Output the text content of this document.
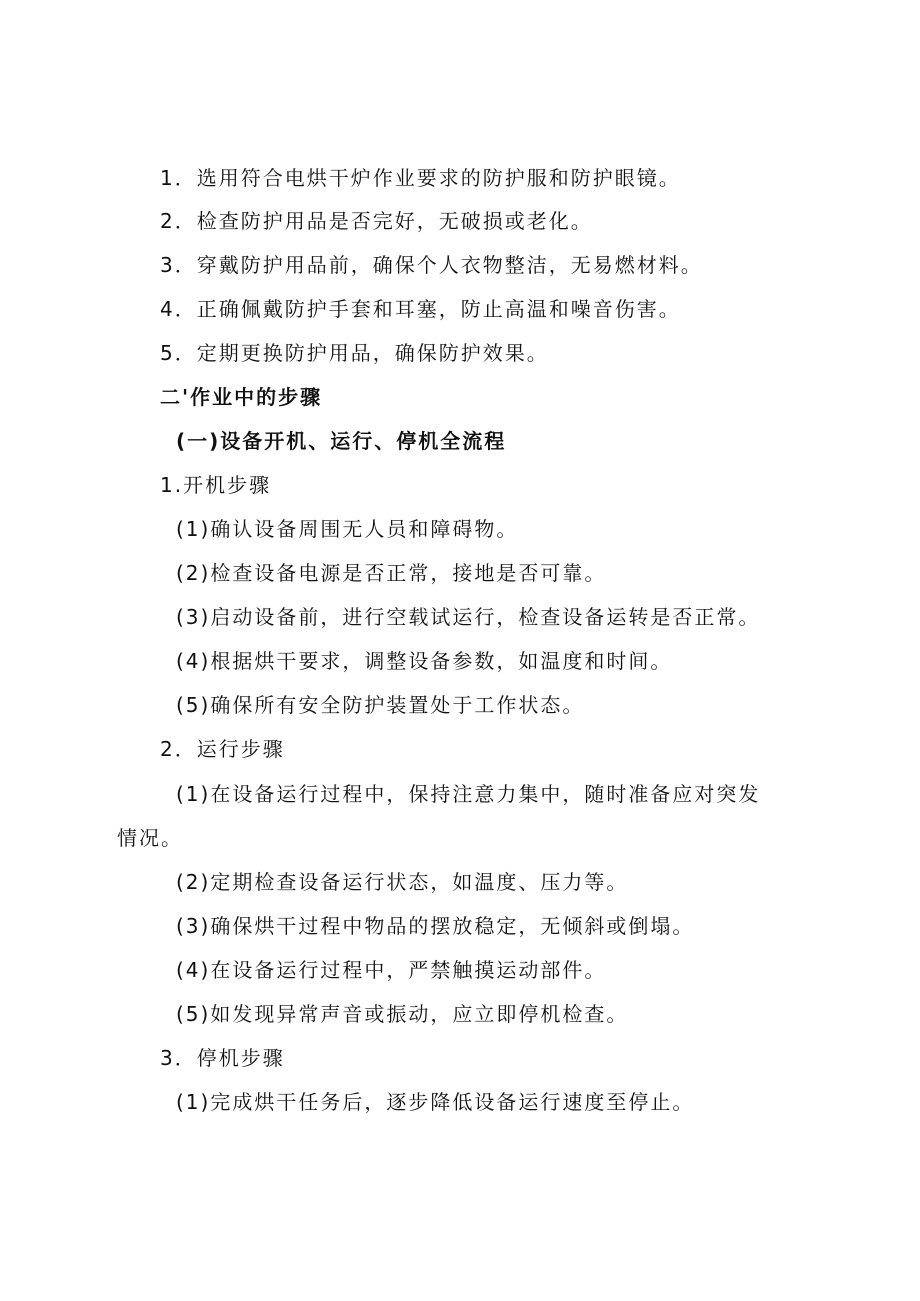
1．选用符合电烘干炉作业要求的防护服和防护眼镜。
2．检查防护用品是否完好，无破损或老化。
3．穿戴防护用品前，确保个人衣物整洁，无易燃材料。
4．正确佩戴防护手套和耳塞，防止高温和噪音伤害。
5．定期更换防护用品，确保防护效果。
二'作业中的步骤
(一)设备开机、运行、停机全流程
1.开机步骤
(1)确认设备周围无人员和障碍物。
(2)检查设备电源是否正常，接地是否可靠。
(3)启动设备前，进行空载试运行，检查设备运转是否正常。
(4)根据烘干要求，调整设备参数，如温度和时间。
(5)确保所有安全防护装置处于工作状态。
2．运行步骤
(1)在设备运行过程中，保持注意力集中，随时准备应对突发
情况。
(2)定期检查设备运行状态，如温度、压力等。
(3)确保烘干过程中物品的摆放稳定，无倾斜或倒塌。
(4)在设备运行过程中，严禁触摸运动部件。
(5)如发现异常声音或振动，应立即停机检查。
3．停机步骤
(1)完成烘干任务后，逐步降低设备运行速度至停止。
